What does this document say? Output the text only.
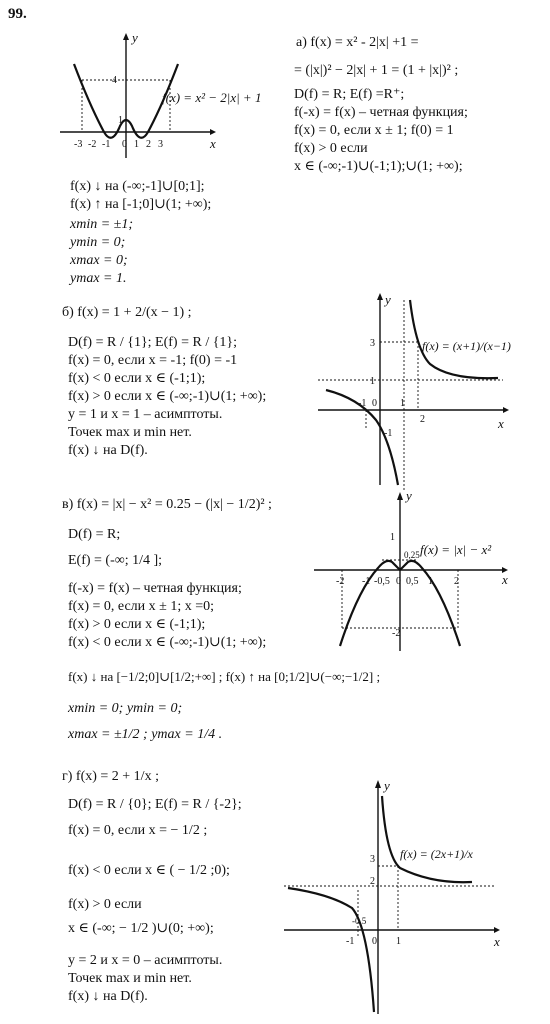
99.
а) f(x) = x² - 2|x| +1 =
= (|x|)² − 2|x| + 1 = (1 + |x|)² ;
D(f) = R; E(f) =R⁺;
f(-x) = f(x) – четная функция;
f(x) = 0, если x ± 1; f(0) = 1
f(x) > 0 если
x ∈ (-∞;-1)∪(-1;1);∪(1; +∞);
y
x
4
1
-3 -2 -1 0 1 2 3
f(x) = x² − 2|x| + 1
f(x) ↓ на (-∞;-1]∪[0;1];
f(x) ↑ на [-1;0]∪(1; +∞);
xmin = ±1;
ymin = 0;
xmax = 0;
ymax = 1.
б) f(x) = 1 + 2/(x − 1) ;
D(f) = R / {1}; E(f) = R / {1};
f(x) = 0, если x = -1; f(0) = -1
f(x) < 0 если x ∈ (-1;1);
f(x) > 0 если x ∈ (-∞;-1)∪(1; +∞);
y = 1 и x = 1 – асимптоты.
Точек max и min нет.
f(x) ↓ на D(f).
y
x
3
1
-1 0 1
2
-1
f(x) = (x+1)/(x−1)
в) f(x) = |x| − x² = 0.25 − (|x| − 1/2)² ;
D(f) = R;
E(f) = (-∞; 1/4 ];
f(-x) = f(x) – четная функция;
f(x) = 0, если x ± 1; x =0;
f(x) > 0 если x ∈ (-1;1);
f(x) < 0 если x ∈ (-∞;-1)∪(1; +∞);
f(x) ↓ на [−1/2;0]∪[1/2;+∞] ; f(x) ↑ на [0;1/2]∪(−∞;−1/2] ;
xmin = 0; ymin = 0;
xmax = ±1/2 ; ymax = 1/4 .
y
x
1
0,25
-2 -1 -0,5 0 0,5 1 2
-2
f(x) = |x| − x²
г) f(x) = 2 + 1/x ;
D(f) = R / {0}; E(f) = R / {-2};
f(x) = 0, если x = − 1/2 ;
f(x) < 0 если x ∈ ( − 1/2 ;0);
f(x) > 0 если
x ∈ (-∞; − 1/2 )∪(0; +∞);
y = 2 и x = 0 – асимптоты.
Точек max и min нет.
f(x) ↓ на D(f).
y
x
3
2
-0,5
-1 0 1
f(x) = (2x+1)/x
